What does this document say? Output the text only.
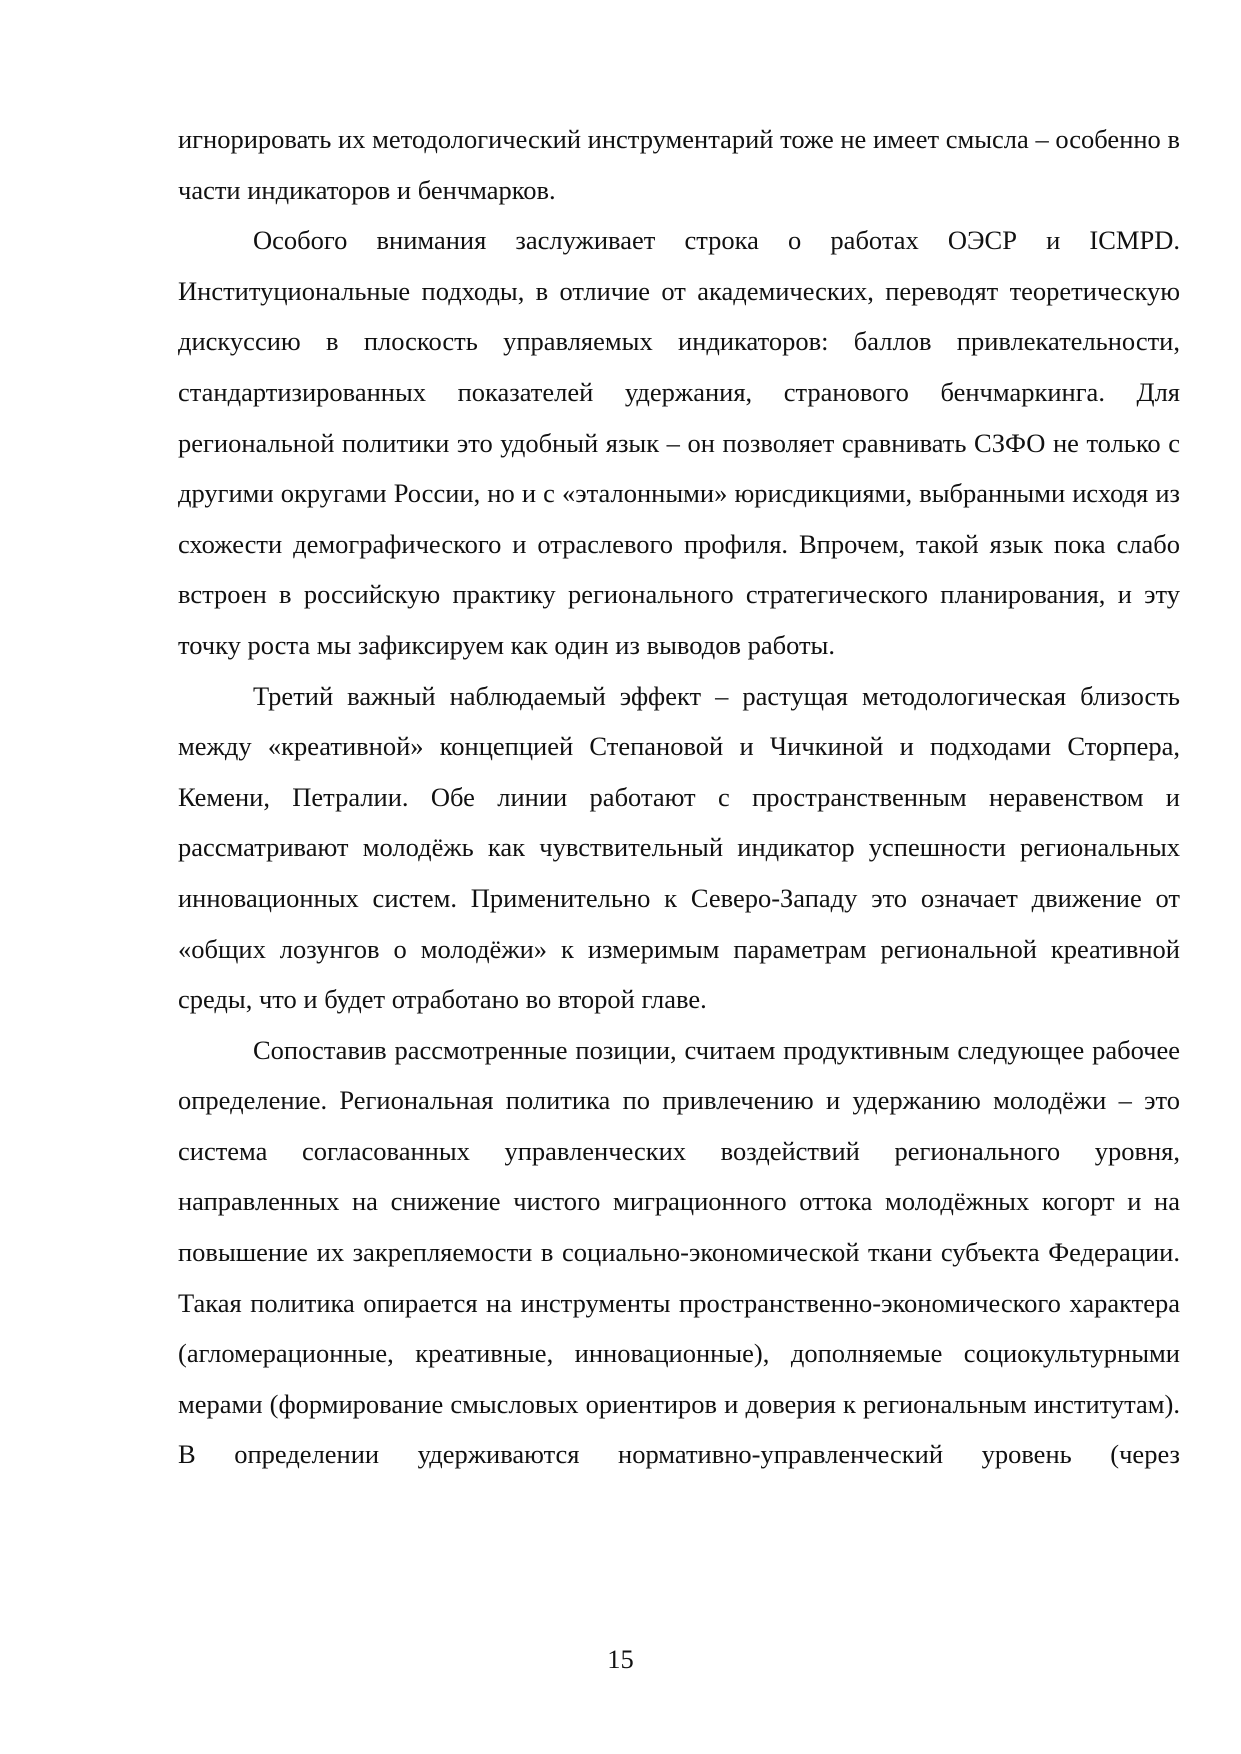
игнорировать их методологический инструментарий тоже не имеет смысла – особенно в части индикаторов и бенчмарков.

Особого внимания заслуживает строка о работах ОЭСР и ICMPD. Институциональные подходы, в отличие от академических, переводят теоретическую дискуссию в плоскость управляемых индикаторов: баллов привлекательности, стандартизированных показателей удержания, странового бенчмаркинга. Для региональной политики это удобный язык – он позволяет сравнивать СЗФО не только с другими округами России, но и с «эталонными» юрисдикциями, выбранными исходя из схожести демографического и отраслевого профиля. Впрочем, такой язык пока слабо встроен в российскую практику регионального стратегического планирования, и эту точку роста мы зафиксируем как один из выводов работы.

Третий важный наблюдаемый эффект – растущая методологическая близость между «креативной» концепцией Степановой и Чичкиной и подходами Сторпера, Кемени, Петралии. Обе линии работают с пространственным неравенством и рассматривают молодёжь как чувствительный индикатор успешности региональных инновационных систем. Применительно к Северо-Западу это означает движение от «общих лозунгов о молодёжи» к измеримым параметрам региональной креативной среды, что и будет отработано во второй главе.

Сопоставив рассмотренные позиции, считаем продуктивным следующее рабочее определение. Региональная политика по привлечению и удержанию молодёжи – это система согласованных управленческих воздействий регионального уровня, направленных на снижение чистого миграционного оттока молодёжных когорт и на повышение их закрепляемости в социально-экономической ткани субъекта Федерации. Такая политика опирается на инструменты пространственно-экономического характера (агломерационные, креативные, инновационные), дополняемые социокультурными мерами (формирование смысловых ориентиров и доверия к региональным институтам). В определении удерживаются нормативно-управленческий уровень (через

15
